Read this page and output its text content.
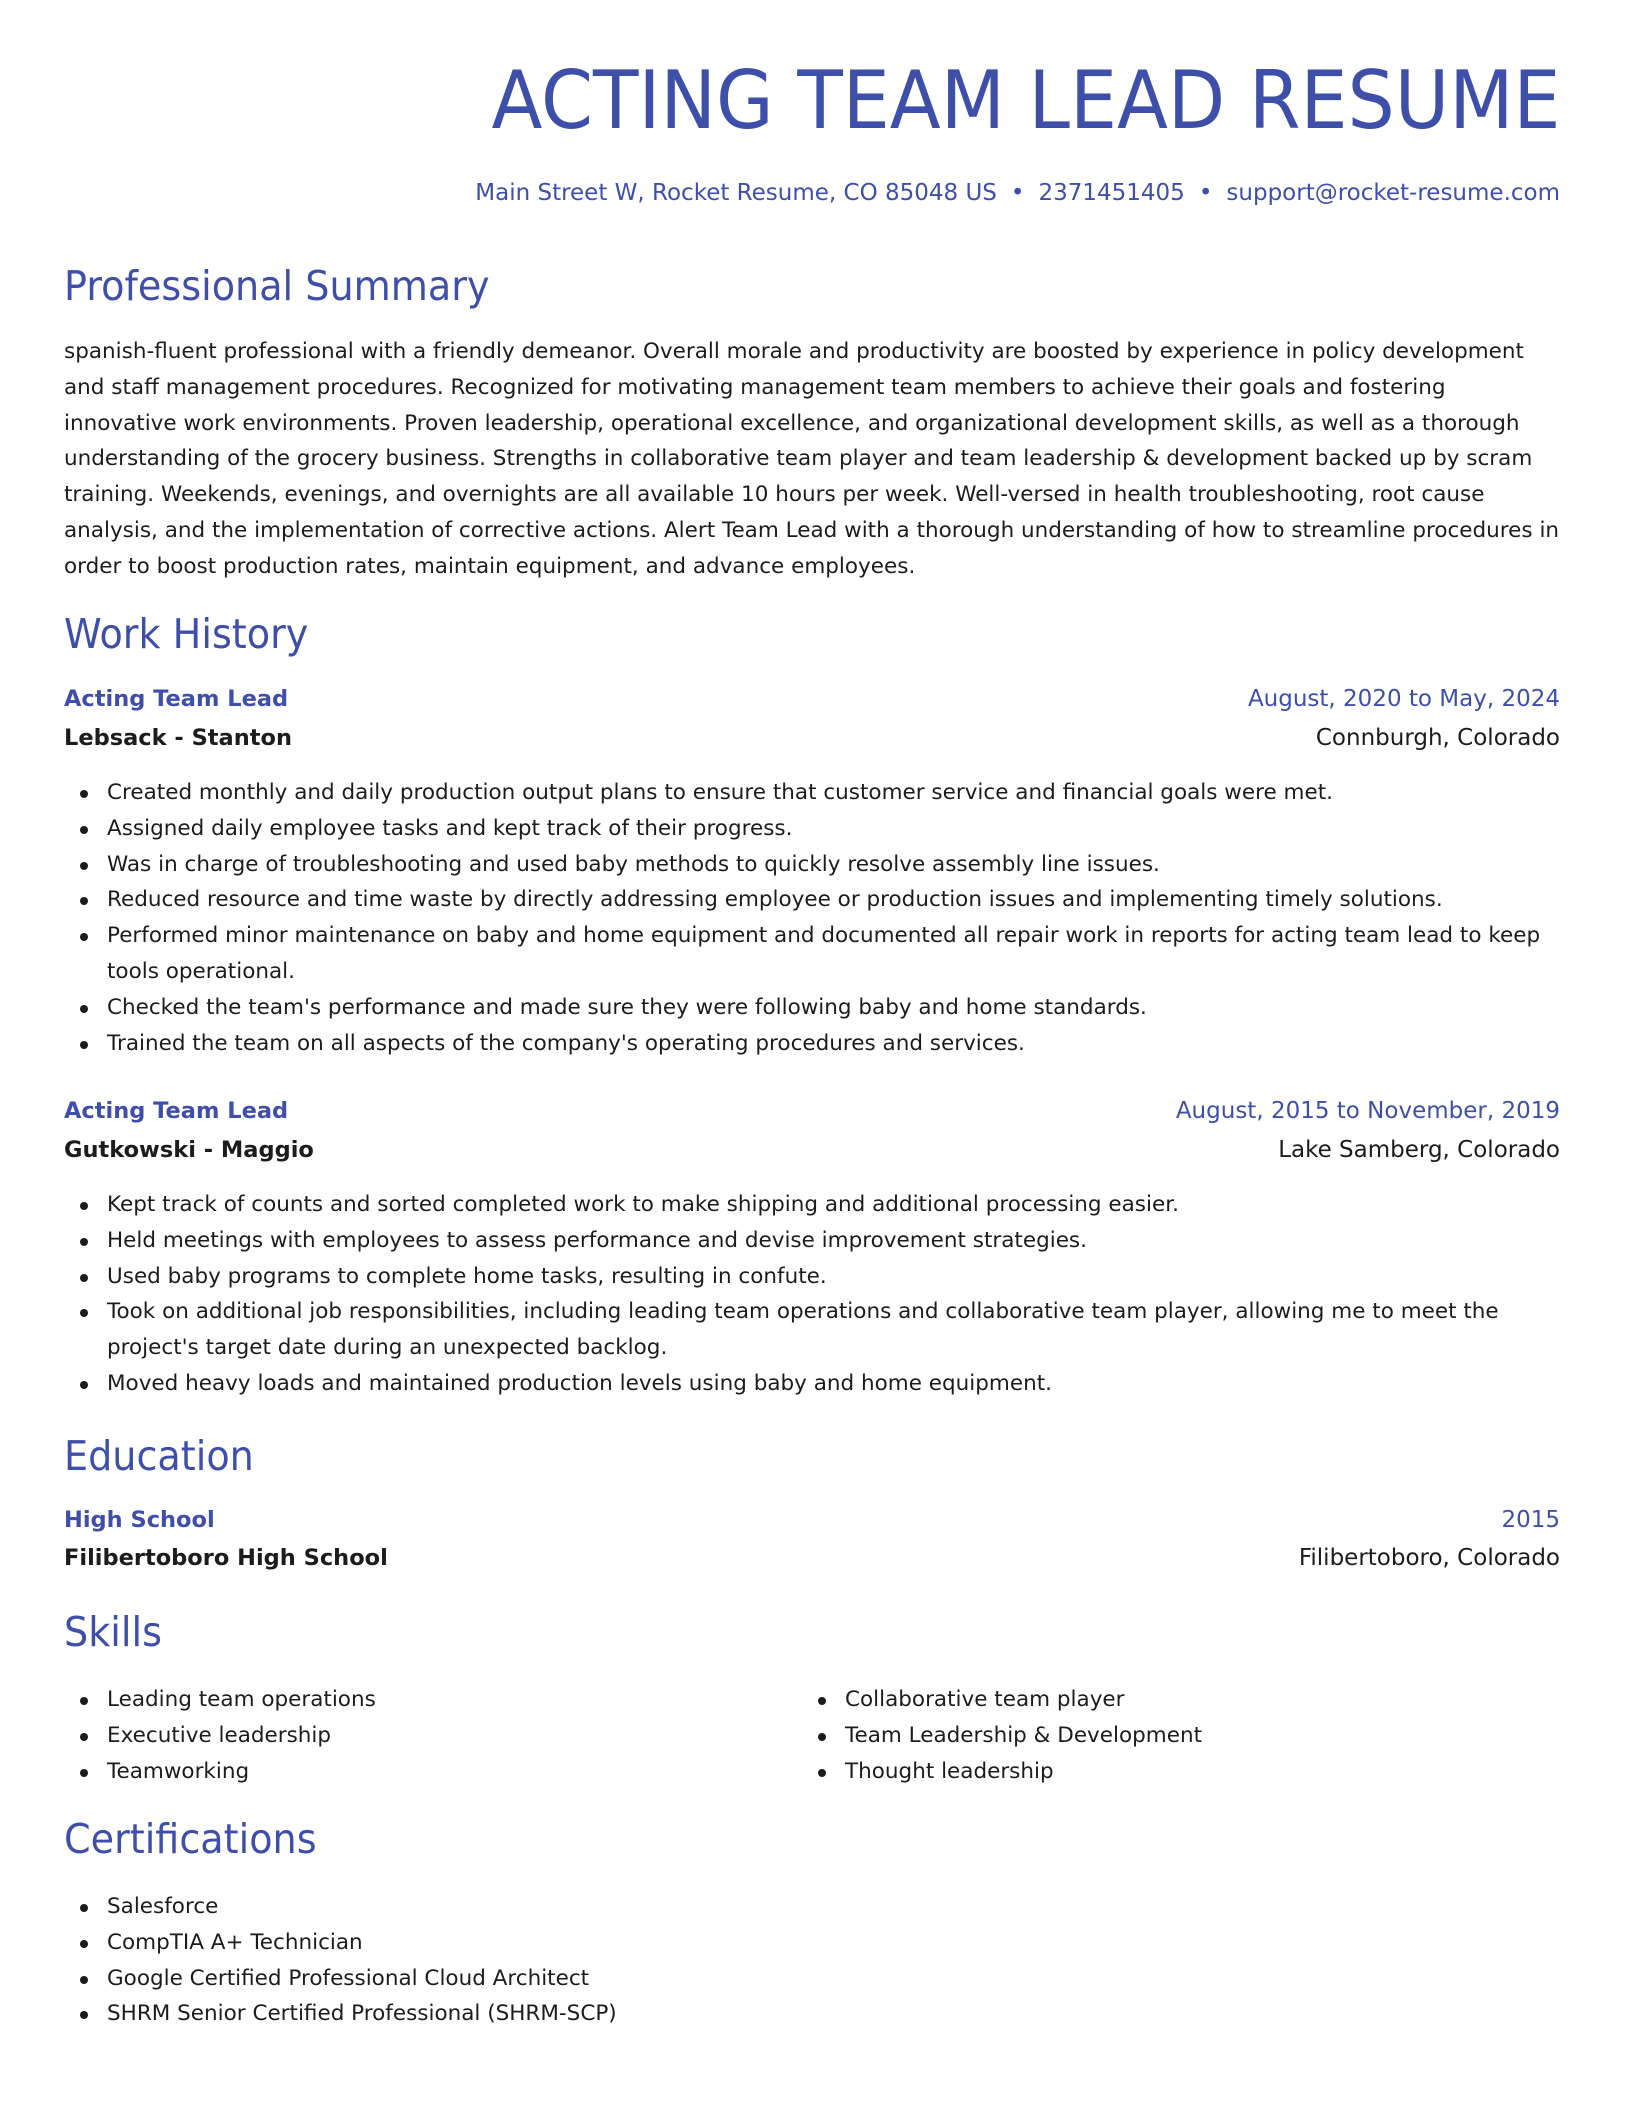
ACTING TEAM LEAD RESUME
Main Street W, Rocket Resume, CO 85048 US • 2371451405 • support@rocket-resume.com
Professional Summary

spanish-fluent professional with a friendly demeanor. Overall morale and productivity are boosted by experience in policy development and staff management procedures. Recognized for motivating management team members to achieve their goals and fostering innovative work environments. Proven leadership, operational excellence, and organizational development skills, as well as a thorough understanding of the grocery business. Strengths in collaborative team player and team leadership & development backed up by scram training. Weekends, evenings, and overnights are all available 10 hours per week. Well-versed in health troubleshooting, root cause analysis, and the implementation of corrective actions. Alert Team Lead with a thorough understanding of how to streamline procedures in order to boost production rates, maintain equipment, and advance employees.

Work History
Acting Team Lead	August, 2020 to May, 2024
Lebsack - Stanton	Connburgh, Colorado
Created monthly and daily production output plans to ensure that customer service and financial goals were met.
Assigned daily employee tasks and kept track of their progress.
Was in charge of troubleshooting and used baby methods to quickly resolve assembly line issues.
Reduced resource and time waste by directly addressing employee or production issues and implementing timely solutions.
Performed minor maintenance on baby and home equipment and documented all repair work in reports for acting team lead to keep tools operational.
Checked the team's performance and made sure they were following baby and home standards.
Trained the team on all aspects of the company's operating procedures and services.
Acting Team Lead	August, 2015 to November, 2019
Gutkowski - Maggio	Lake Samberg, Colorado
Kept track of counts and sorted completed work to make shipping and additional processing easier.
Held meetings with employees to assess performance and devise improvement strategies.
Used baby programs to complete home tasks, resulting in confute.
Took on additional job responsibilities, including leading team operations and collaborative team player, allowing me to meet the project's target date during an unexpected backlog.
Moved heavy loads and maintained production levels using baby and home equipment.
Education
High School	2015
Filibertoboro High School	Filibertoboro, Colorado
Skills
Leading team operations
Executive leadership
Teamworking
Collaborative team player
Team Leadership & Development
Thought leadership
Certifications
Salesforce
CompTIA A+ Technician
Google Certified Professional Cloud Architect
SHRM Senior Certified Professional (SHRM-SCP)
